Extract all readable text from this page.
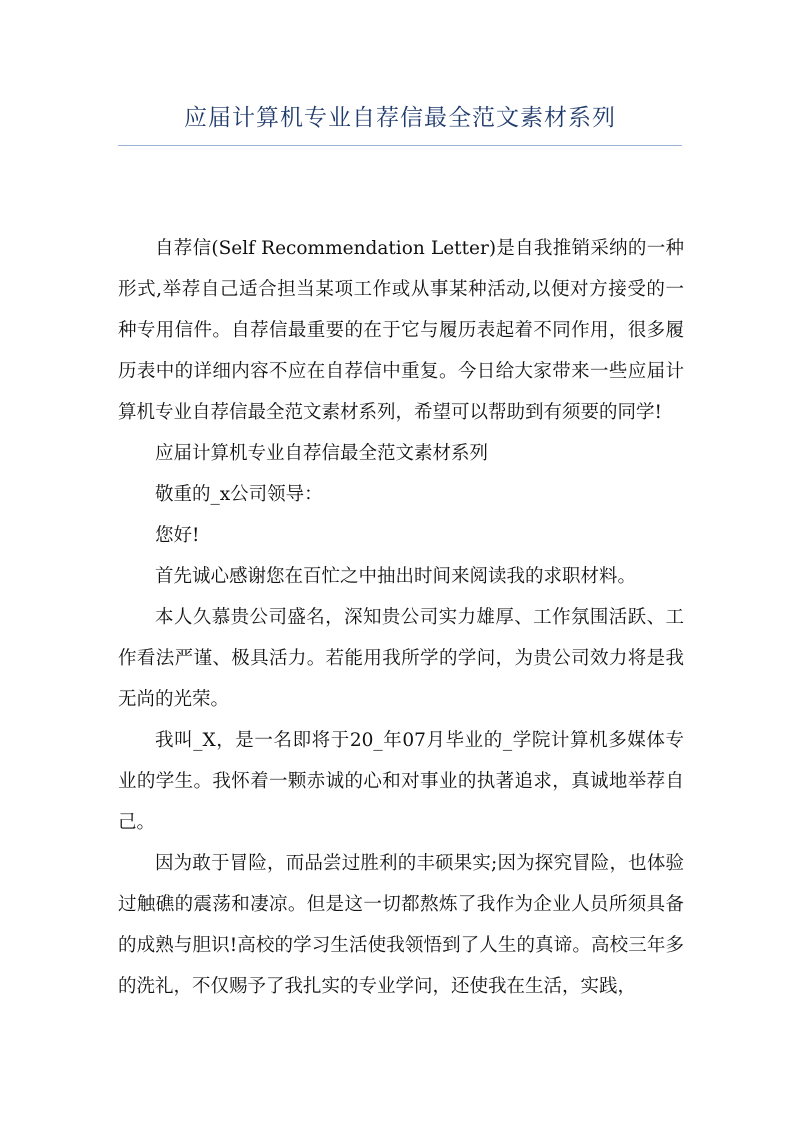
应届计算机专业自荐信最全范文素材系列

自荐信(Self Recommendation Letter)是自我推销采纳的一种形式,举荐自己适合担当某项工作或从事某种活动,以便对方接受的一种专用信件。自荐信最重要的在于它与履历表起着不同作用，很多履历表中的详细内容不应在自荐信中重复。今日给大家带来一些应届计算机专业自荐信最全范文素材系列，希望可以帮助到有须要的同学!

应届计算机专业自荐信最全范文素材系列

敬重的_x公司领导：

您好!

首先诚心感谢您在百忙之中抽出时间来阅读我的求职材料。

本人久慕贵公司盛名，深知贵公司实力雄厚、工作氛围活跃、工作看法严谨、极具活力。若能用我所学的学问，为贵公司效力将是我无尚的光荣。

我叫_X，是一名即将于20_年07月毕业的_学院计算机多媒体专业的学生。我怀着一颗赤诚的心和对事业的执著追求，真诚地举荐自己。

因为敢于冒险，而品尝过胜利的丰硕果实;因为探究冒险，也体验过触礁的震荡和凄凉。但是这一切都熬炼了我作为企业人员所须具备的成熟与胆识!高校的学习生活使我领悟到了人生的真谛。高校三年多的洗礼，不仅赐予了我扎实的专业学问，还使我在生活，实践，
